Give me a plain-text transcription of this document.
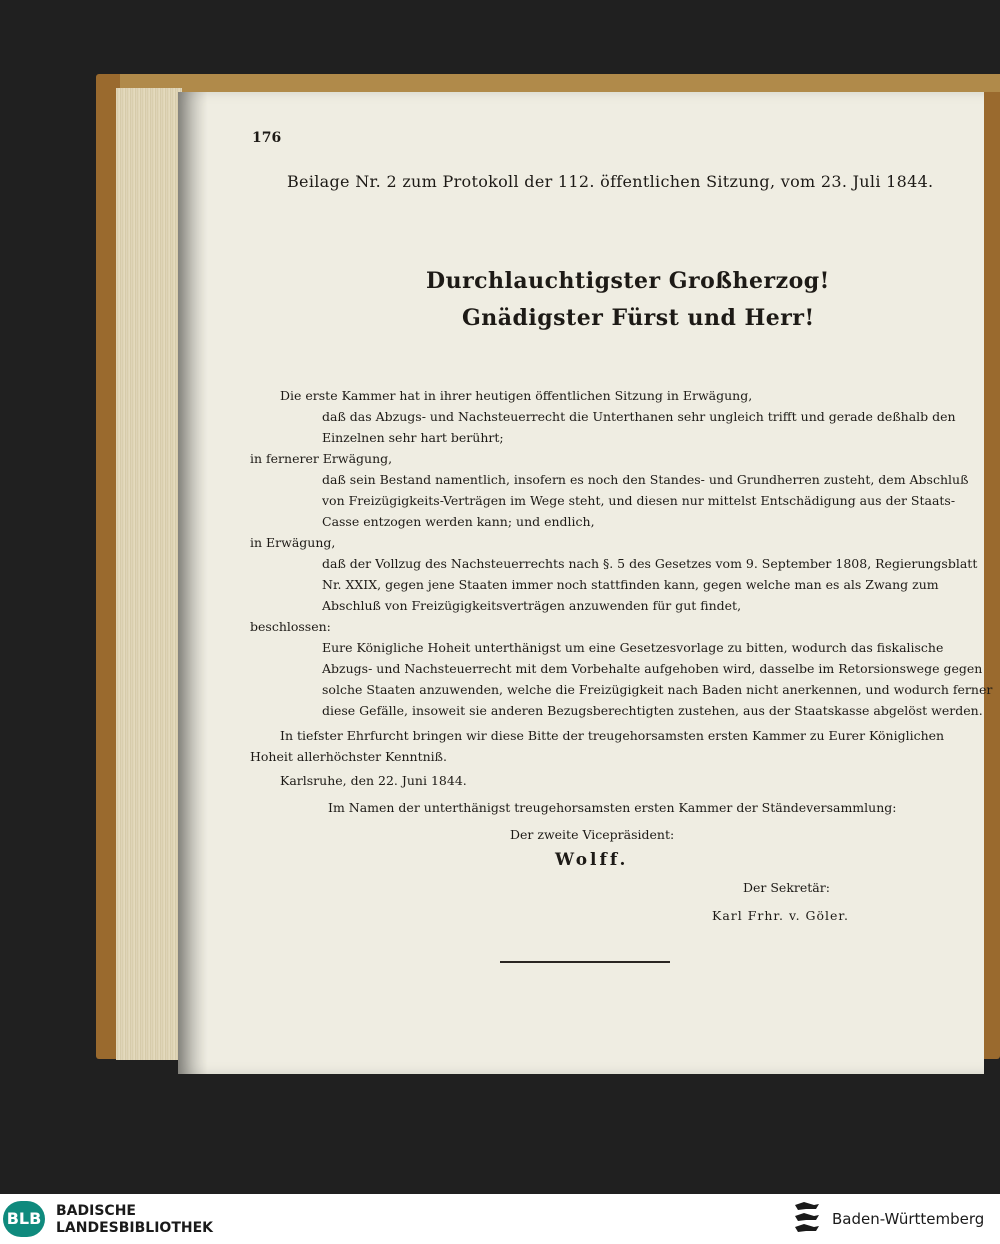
176
Beilage Nr. 2 zum Protokoll der 112. öffentlichen Sitzung, vom 23. Juli 1844.
Durchlauchtigster Großherzog!
Gnädigster Fürst und Herr!
Die erste Kammer hat in ihrer heutigen öffentlichen Sitzung in Erwägung,
daß das Abzugs- und Nachsteuerrecht die Unterthanen sehr ungleich trifft und gerade deßhalb den
Einzelnen sehr hart berührt;
in fernerer Erwägung,
daß sein Bestand namentlich, insofern es noch den Standes- und Grundherren zusteht, dem Abschluß
von Freizügigkeits-Verträgen im Wege steht, und diesen nur mittelst Entschädigung aus der Staats-
Casse entzogen werden kann; und endlich,
in Erwägung,
daß der Vollzug des Nachsteuerrechts nach §. 5 des Gesetzes vom 9. September 1808, Regierungsblatt
Nr. XXIX, gegen jene Staaten immer noch stattfinden kann, gegen welche man es als Zwang zum
Abschluß von Freizügigkeitsverträgen anzuwenden für gut findet,
beschlossen:
Eure Königliche Hoheit unterthänigst um eine Gesetzesvorlage zu bitten, wodurch das fiskalische
Abzugs- und Nachsteuerrecht mit dem Vorbehalte aufgehoben wird, dasselbe im Retorsionswege gegen
solche Staaten anzuwenden, welche die Freizügigkeit nach Baden nicht anerkennen, und wodurch ferner
diese Gefälle, insoweit sie anderen Bezugsberechtigten zustehen, aus der Staatskasse abgelöst werden.
In tiefster Ehrfurcht bringen wir diese Bitte der treugehorsamsten ersten Kammer zu Eurer Königlichen
Hoheit allerhöchster Kenntniß.
Karlsruhe, den 22. Juni 1844.
Im Namen der unterthänigst treugehorsamsten ersten Kammer der Ständeversammlung:
Der zweite Vicepräsident:
Wolff.
Der Sekretär:
Karl Frhr. v. Göler.
BLB BADISCHE
LANDESBIBLIOTHEK	Baden-Württemberg
